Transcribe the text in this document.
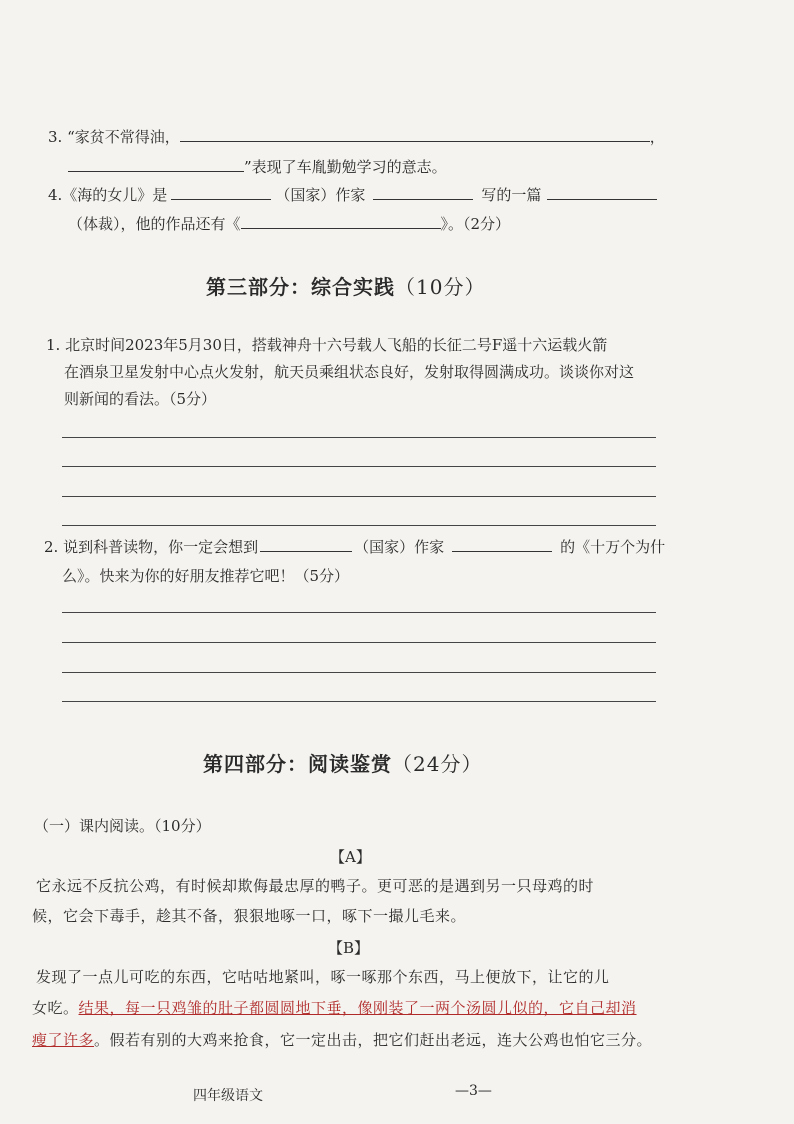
3. “家贫不常得油，	，
”表现了车胤勤勉学习的意志。
4.《海的女儿》是	（国家）作家	写的一篇
（体裁），他的作品还有《	》。（2分）
第三部分：综合实践（10分）
1. 北京时间2023年5月30日，搭载神舟十六号载人飞船的长征二号F遥十六运载火箭
在酒泉卫星发射中心点火发射，航天员乘组状态良好，发射取得圆满成功。谈谈你对这
则新闻的看法。（5分）
2. 说到科普读物，你一定会想到	（国家）作家	的《十万个为什
么》。快来为你的好朋友推荐它吧！（5分）
第四部分：阅读鉴赏（24分）
（一）课内阅读。（10分）
【A】
它永远不反抗公鸡，有时候却欺侮最忠厚的鸭子。更可恶的是遇到另一只母鸡的时
候，它会下毒手，趁其不备，狠狠地啄一口，啄下一撮儿毛来。
【B】
发现了一点儿可吃的东西，它咕咕地紧叫，啄一啄那个东西，马上便放下，让它的儿
女吃。结果，每一只鸡雏的肚子都圆圆地下垂，像刚装了一两个汤圆儿似的，它自己却消
瘦了许多。假若有别的大鸡来抢食，它一定出击，把它们赶出老远，连大公鸡也怕它三分。
四年级语文	—3—
